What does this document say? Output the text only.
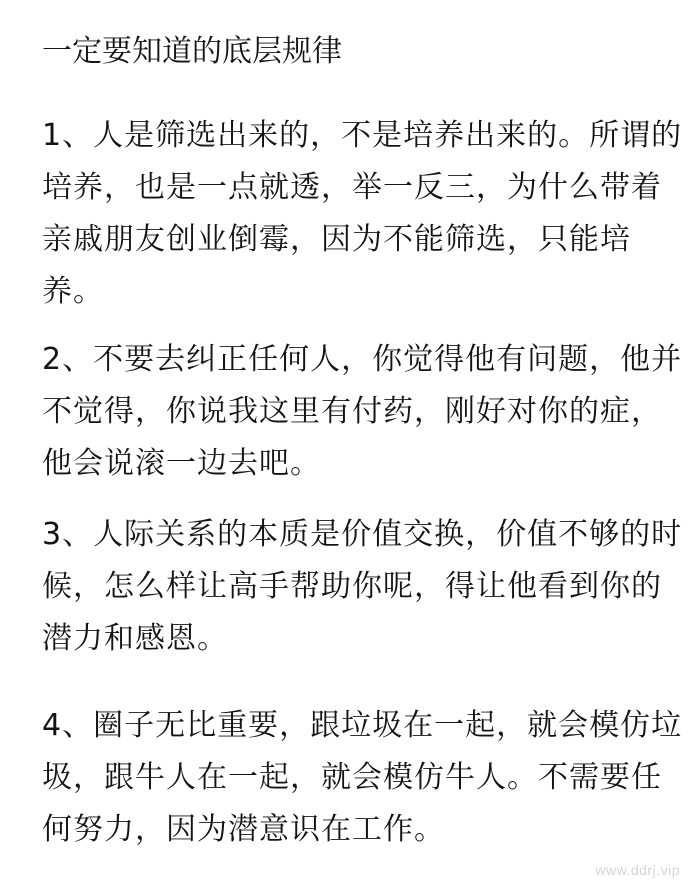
一定要知道的底层规律
1、人是筛选出来的，不是培养出来的。所谓的
培养，也是一点就透，举一反三，为什么带着
亲戚朋友创业倒霉，因为不能筛选，只能培
养。
2、不要去纠正任何人，你觉得他有问题，他并
不觉得，你说我这里有付药，刚好对你的症，
他会说滚一边去吧。
3、人际关系的本质是价值交换，价值不够的时
候，怎么样让高手帮助你呢，得让他看到你的
潜力和感恩。
4、圈子无比重要，跟垃圾在一起，就会模仿垃
圾，跟牛人在一起，就会模仿牛人。不需要任
何努力，因为潜意识在工作。
www.ddrj.vip
